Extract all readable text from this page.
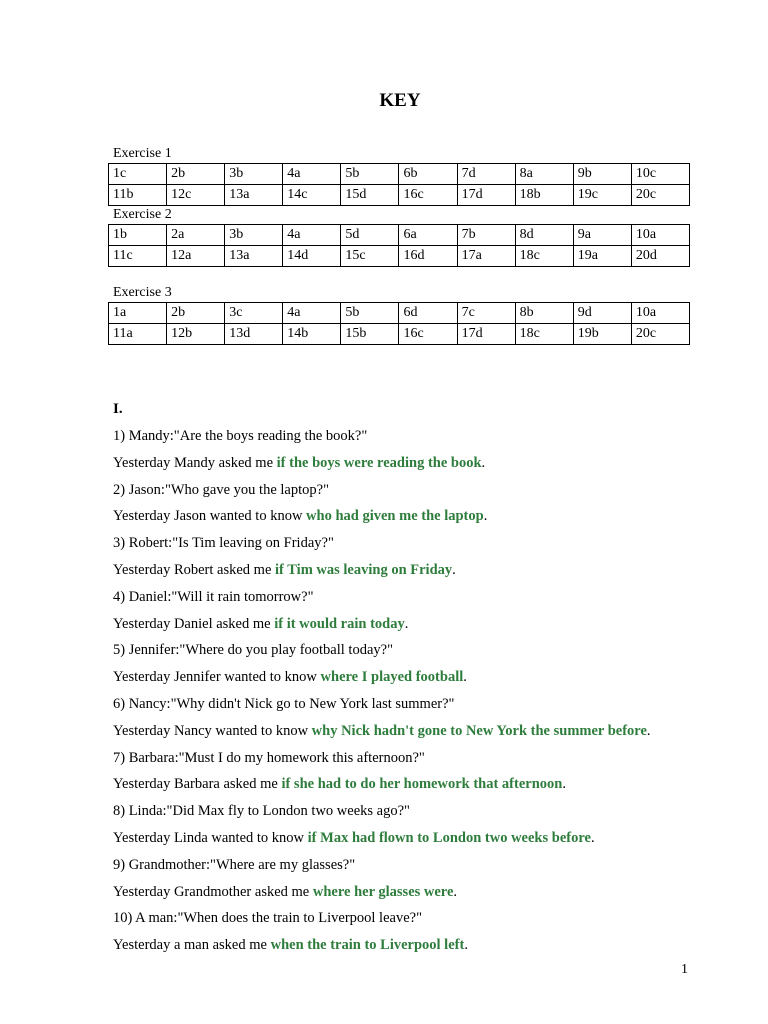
KEY
Exercise 1
1c	2b	3b	4a	5b	6b	7d	8a	9b	10c
11b	12c	13a	14c	15d	16c	17d	18b	19c	20c
Exercise 2
1b	2a	3b	4a	5d	6a	7b	8d	9a	10a
11c	12a	13a	14d	15c	16d	17a	18c	19a	20d
Exercise 3
1a	2b	3c	4a	5b	6d	7c	8b	9d	10a
11a	12b	13d	14b	15b	16c	17d	18c	19b	20c
I.
1) Mandy:"Are the boys reading the book?"
Yesterday Mandy asked me if the boys were reading the book.
2) Jason:"Who gave you the laptop?"
Yesterday Jason wanted to know who had given me the laptop.
3) Robert:"Is Tim leaving on Friday?"
Yesterday Robert asked me if Tim was leaving on Friday.
4) Daniel:"Will it rain tomorrow?"
Yesterday Daniel asked me if it would rain today.
5) Jennifer:"Where do you play football today?"
Yesterday Jennifer wanted to know where I played football.
6) Nancy:"Why didn't Nick go to New York last summer?"
Yesterday Nancy wanted to know why Nick hadn't gone to New York the summer before.
7) Barbara:"Must I do my homework this afternoon?"
Yesterday Barbara asked me if she had to do her homework that afternoon.
8) Linda:"Did Max fly to London two weeks ago?"
Yesterday Linda wanted to know if Max had flown to London two weeks before.
9) Grandmother:"Where are my glasses?"
Yesterday Grandmother asked me where her glasses were.
10) A man:"When does the train to Liverpool leave?"
Yesterday a man asked me when the train to Liverpool left.
1
